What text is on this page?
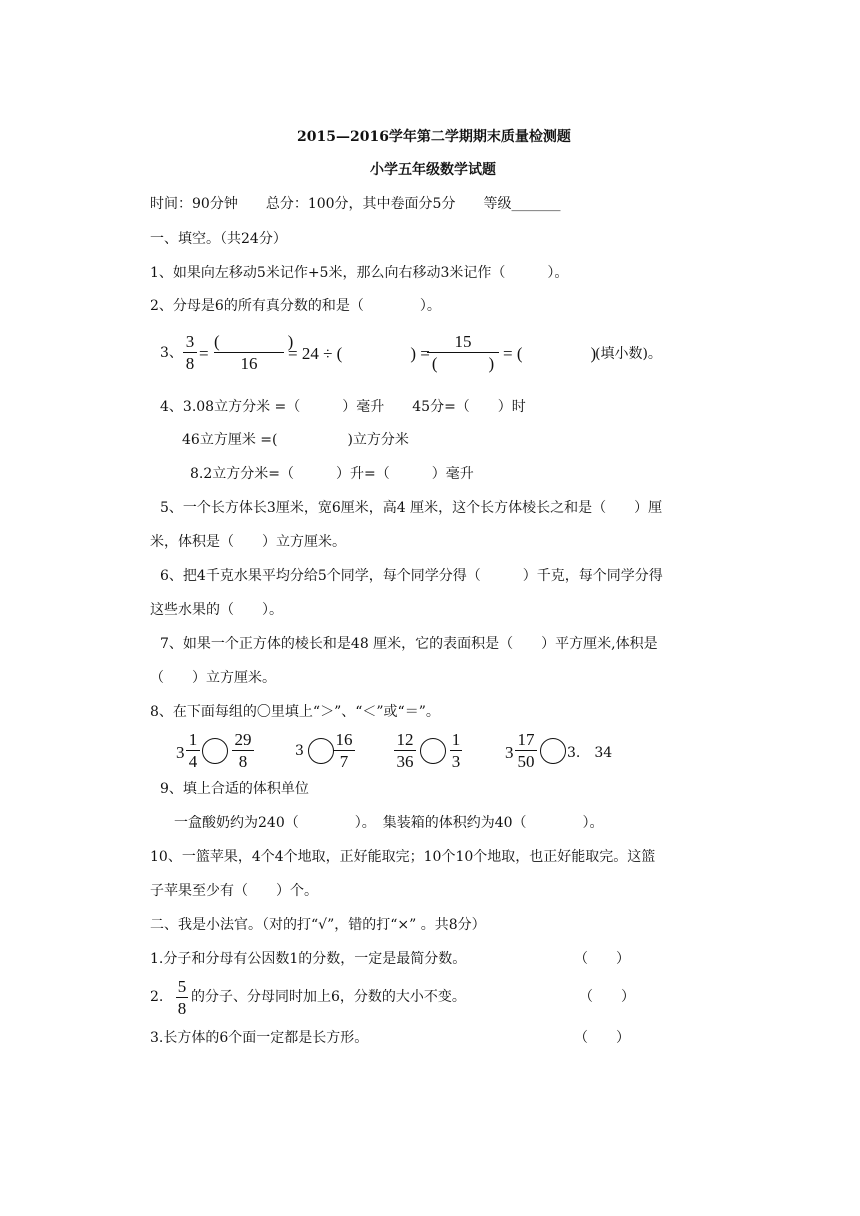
2015—2016学年第二学期期末质量检测题
小学五年级数学试题
时间：90分钟　　总分：100分，其中卷面分5分　　等级_______
一、填空。（共24分）
1、如果向左移动5米记作+5米，那么向右移动3米记作（　　　）。
2、分母是6的所有真分数的和是（　　　　）。
3、
3
8
=
(　　　　)
16
= 24 ÷ (　　　　) =
15
(　　　)
= (　　　　)
(填小数)。
4、3.08立方分米 =（　　　）毫升　　45分=（　　）时
46立方厘米 =(　　　　　)立方分米
8.2立方分米=（　　　）升=（　　　）毫升
5、一个长方体长3厘米，宽6厘米，高4 厘米，这个长方体棱长之和是（　　）厘
米，体积是（　　）立方厘米。
6、把4千克水果平均分给5个同学，每个同学分得（　　　）千克，每个同学分得
这些水果的（　　）。
7、如果一个正方体的棱长和是48 厘米，它的表面积是（　　）平方厘米,体积是
（　　）立方厘米。
8、在下面每组的〇里填上“＞”、“＜”或“＝”。
3
1
4
29
8
3
16
7
12
36
1
3	3
17
50 3.　34
9、填上合适的体积单位
一盒酸奶约为240（　　　　）。　集装箱的体积约为40（　　　　）。
10、一篮苹果，4个4个地取，正好能取完；10个10个地取，也正好能取完。这篮
子苹果至少有（　　）个。
二、我是小法官。（对的打“√”，错的打“×” 。共8分）
1.分子和分母有公因数1的分数，一定是最简分数。	（　　）
2.
5
8
的分子、分母同时加上6，分数的大小不变。	（　　）
3.长方体的6个面一定都是长方形。	（　　）
